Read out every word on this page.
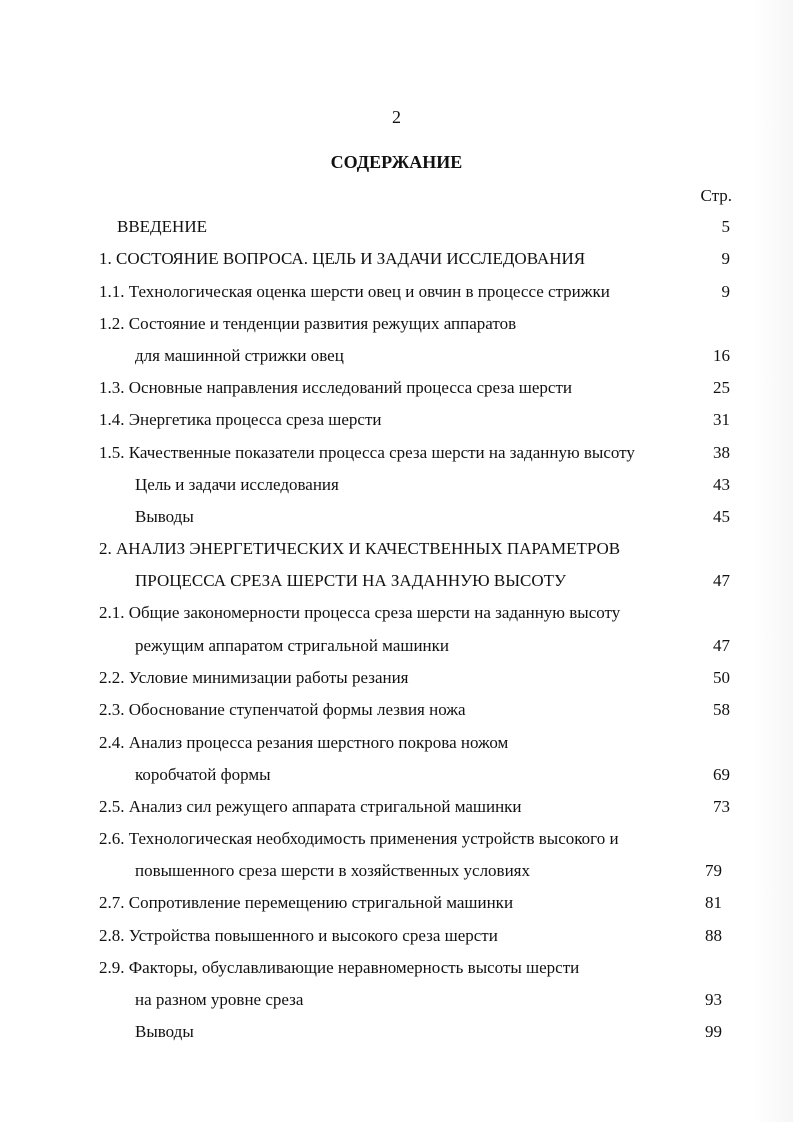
2
СОДЕРЖАНИЕ
Стр.
ВВЕДЕНИЕ	5
1. СОСТОЯНИЕ ВОПРОСА. ЦЕЛЬ И ЗАДАЧИ ИССЛЕДОВАНИЯ	9
1.1. Технологическая оценка шерсти овец и овчин в процессе стрижки	9
1.2. Состояние и тенденции развития режущих аппаратов
для машинной стрижки овец	16
1.3. Основные направления исследований процесса среза шерсти	25
1.4. Энергетика процесса среза шерсти	31
1.5. Качественные показатели процесса среза шерсти на заданную высоту	38
Цель и задачи исследования	43
Выводы	45
2. АНАЛИЗ ЭНЕРГЕТИЧЕСКИХ И КАЧЕСТВЕННЫХ ПАРАМЕТРОВ
ПРОЦЕССА СРЕЗА ШЕРСТИ НА ЗАДАННУЮ ВЫСОТУ	47
2.1. Общие закономерности процесса среза шерсти на заданную высоту
режущим аппаратом стригальной машинки	47
2.2. Условие минимизации работы резания	50
2.3. Обоснование ступенчатой формы лезвия ножа	58
2.4. Анализ процесса резания шерстного покрова ножом
коробчатой формы	69
2.5. Анализ сил режущего аппарата стригальной машинки	73
2.6. Технологическая необходимость применения устройств высокого и
повышенного среза шерсти в хозяйственных условиях	79
2.7. Сопротивление перемещению стригальной машинки	81
2.8. Устройства повышенного и высокого среза шерсти	88
2.9. Факторы, обуславливающие неравномерность высоты шерсти
на разном уровне среза	93
Выводы	99
